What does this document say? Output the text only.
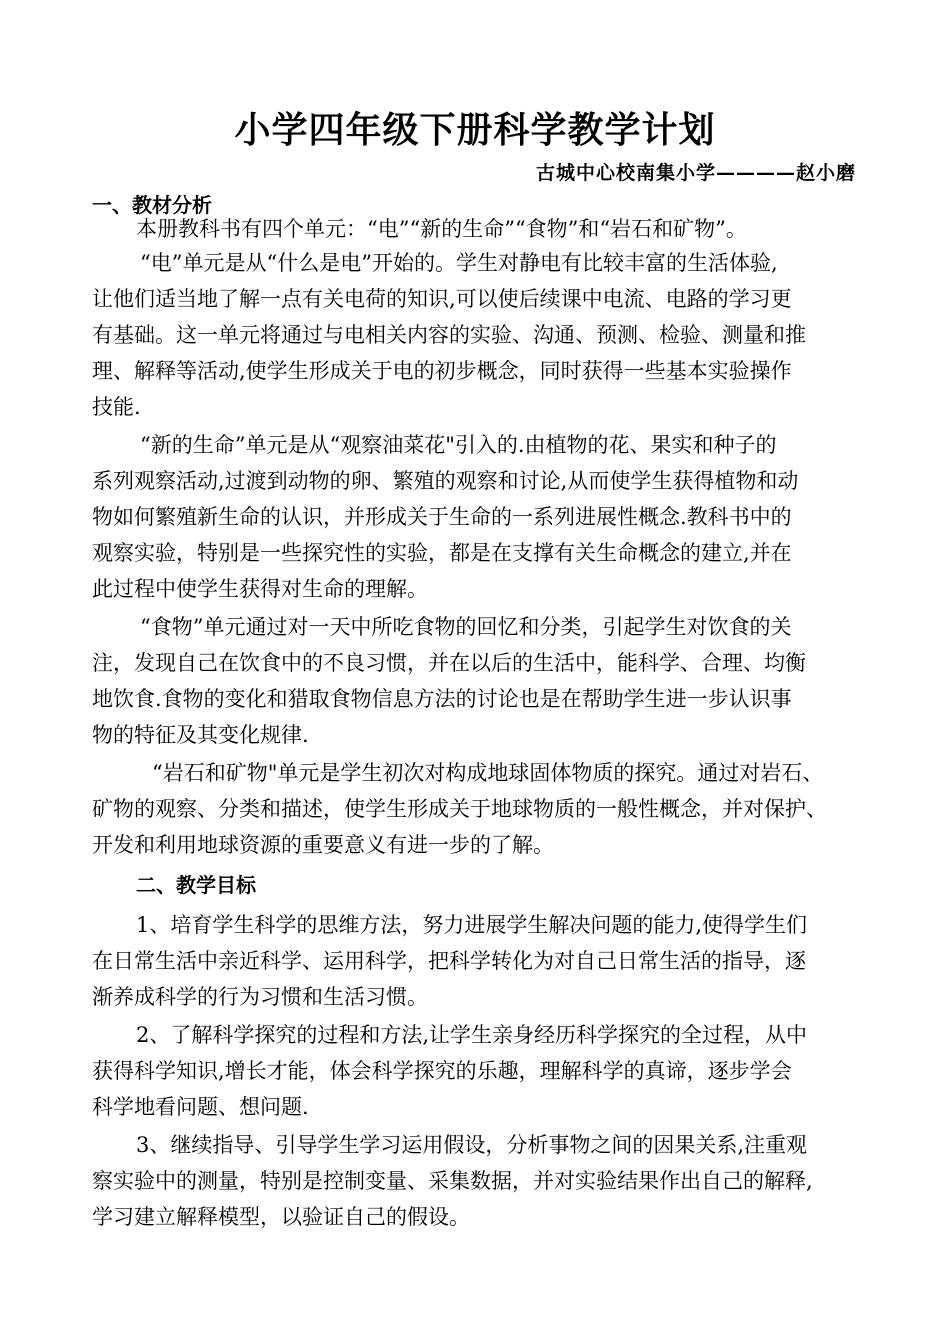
小学四年级下册科学教学计划
古城中心校南集小学————赵小磨
一、教材分析
本册教科书有四个单元：“电”“新的生命”“食物”和“岩石和矿物”。
“电”单元是从“什么是电”开始的。学生对静电有比较丰富的生活体验,
让他们适当地了解一点有关电荷的知识,可以使后续课中电流、电路的学习更
有基础。这一单元将通过与电相关内容的实验、沟通、预测、检验、测量和推
理、解释等活动,使学生形成关于电的初步概念，同时获得一些基本实验操作
技能.
“新的生命”单元是从“观察油菜花"引入的.由植物的花、果实和种子的
系列观察活动,过渡到动物的卵、繁殖的观察和讨论,从而使学生获得植物和动
物如何繁殖新生命的认识，并形成关于生命的一系列进展性概念.教科书中的
观察实验，特别是一些探究性的实验，都是在支撑有关生命概念的建立,并在
此过程中使学生获得对生命的理解。
“食物”单元通过对一天中所吃食物的回忆和分类，引起学生对饮食的关
注，发现自己在饮食中的不良习惯，并在以后的生活中，能科学、合理、均衡
地饮食.食物的变化和猎取食物信息方法的讨论也是在帮助学生进一步认识事
物的特征及其变化规律.
“岩石和矿物"单元是学生初次对构成地球固体物质的探究。通过对岩石、
矿物的观察、分类和描述，使学生形成关于地球物质的一般性概念，并对保护、
开发和利用地球资源的重要意义有进一步的了解。
二、教学目标
1、培育学生科学的思维方法，努力进展学生解决问题的能力,使得学生们
在日常生活中亲近科学、运用科学，把科学转化为对自己日常生活的指导，逐
渐养成科学的行为习惯和生活习惯。
2、了解科学探究的过程和方法,让学生亲身经历科学探究的全过程，从中
获得科学知识,增长才能，体会科学探究的乐趣，理解科学的真谛，逐步学会
科学地看问题、想问题.
3、继续指导、引导学生学习运用假设，分析事物之间的因果关系,注重观
察实验中的测量，特别是控制变量、采集数据，并对实验结果作出自己的解释,
学习建立解释模型，以验证自己的假设。
